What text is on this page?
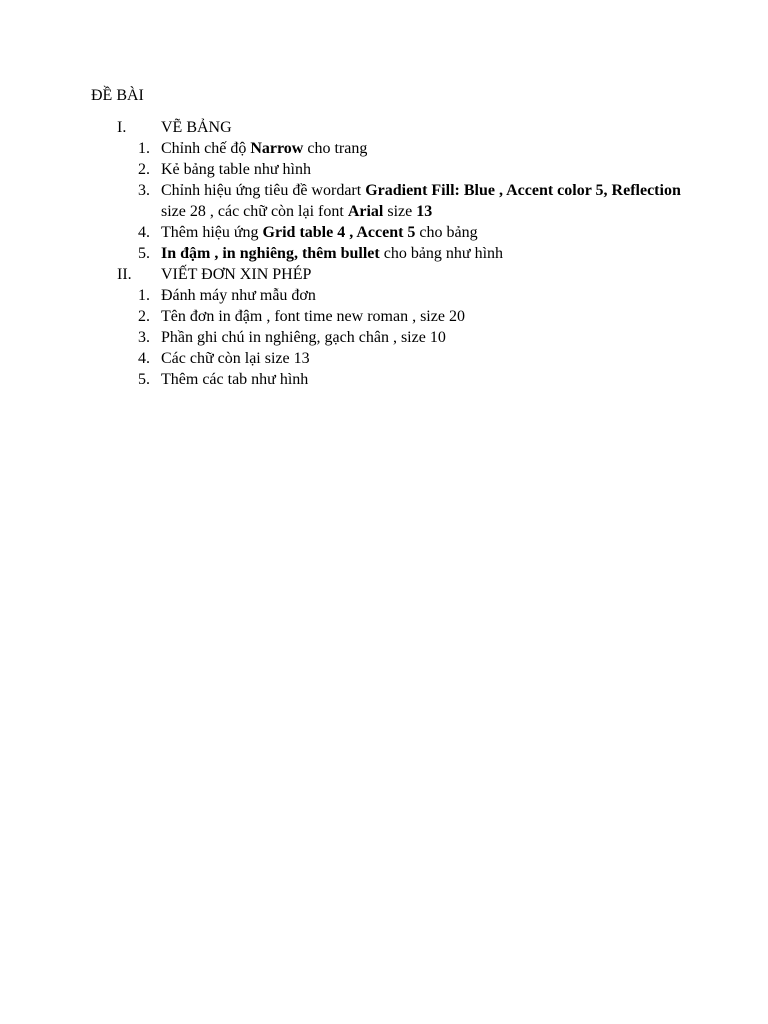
ĐỀ BÀI
I. VẼ BẢNG
1. Chỉnh chế độ Narrow cho trang
2. Kẻ bảng table như hình
3. Chỉnh hiệu ứng tiêu đề wordart Gradient Fill: Blue , Accent color 5, Reflection size 28 , các chữ còn lại font Arial size 13
4. Thêm hiệu ứng Grid table 4 , Accent 5 cho bảng
5. In đậm , in nghiêng, thêm bullet cho bảng như hình
II. VIẾT ĐƠN XIN PHÉP
1. Đánh máy như mẫu đơn
2. Tên đơn in đậm , font time new roman , size 20
3. Phần ghi chú in nghiêng, gạch chân , size 10
4. Các chữ còn lại size 13
5. Thêm các tab như hình
